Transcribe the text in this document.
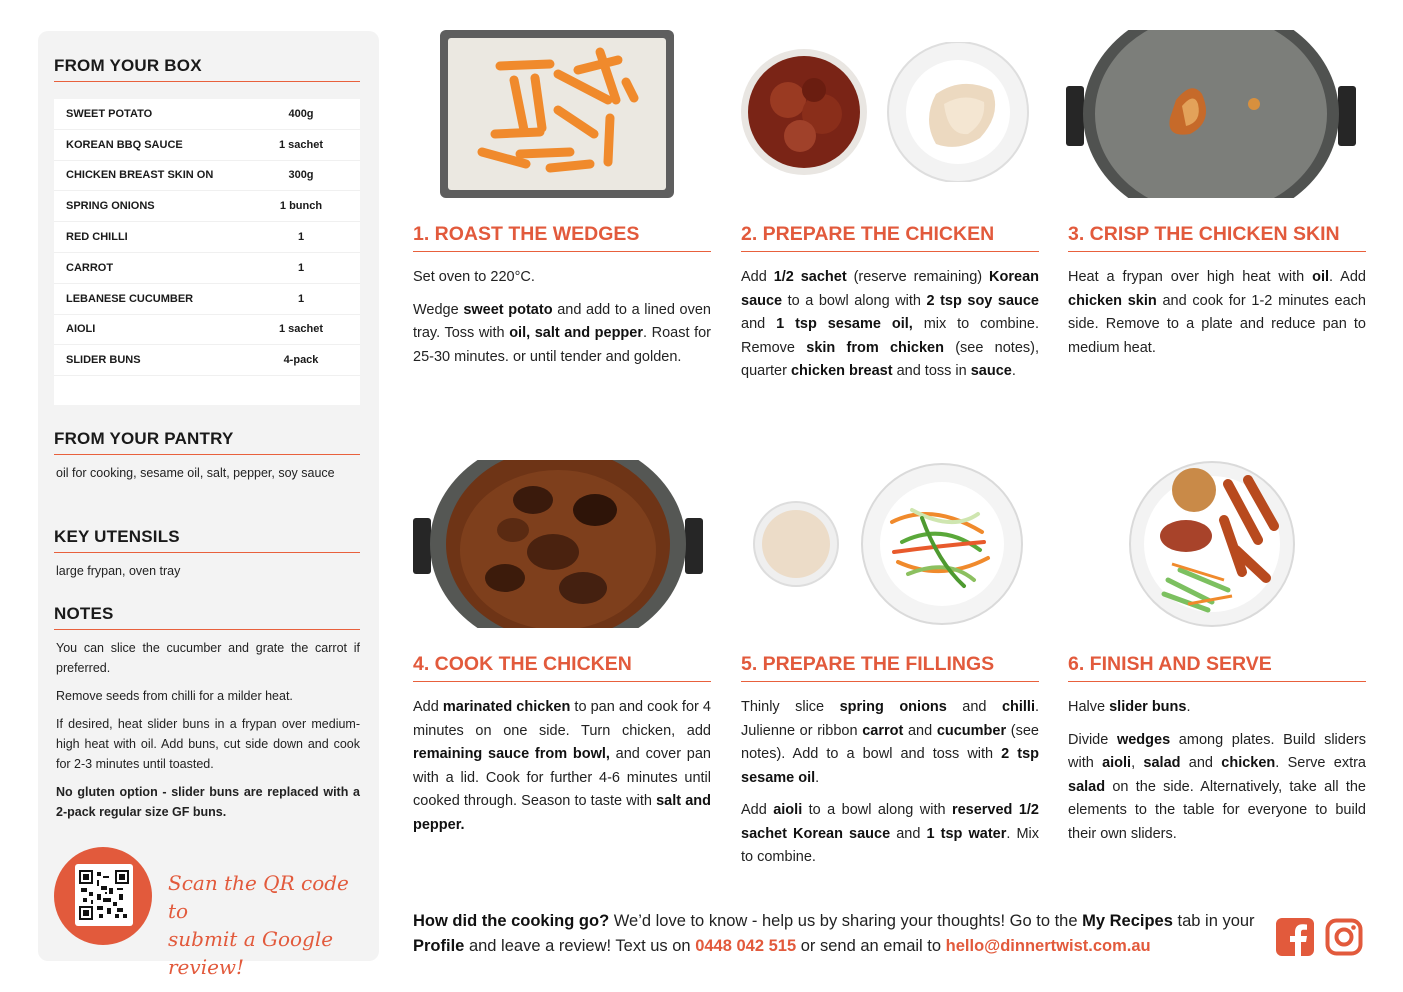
FROM YOUR BOX
SWEET POTATO	400g
KOREAN BBQ SAUCE	1 sachet
CHICKEN BREAST SKIN ON	300g
SPRING ONIONS	1 bunch
RED CHILLI	1
CARROT	1
LEBANESE CUCUMBER	1
AIOLI	1 sachet
SLIDER BUNS	4-pack
FROM YOUR PANTRY
oil for cooking, sesame oil, salt, pepper, soy sauce
KEY UTENSILS
large frypan, oven tray
NOTES
You can slice the cucumber and grate the carrot if preferred.
Remove seeds from chilli for a milder heat.
If desired, heat slider buns in a frypan over medium-high heat with oil. Add buns, cut side down and cook for 2-3 minutes until toasted.
No gluten option - slider buns are replaced with a 2-pack regular size GF buns.
Scan the QR code to
submit a Google review!
1. ROAST THE WEDGES

Set oven to 220°C.

Wedge sweet potato and add to a lined oven tray. Toss with oil, salt and pepper. Roast for 25-30 minutes. or until tender and golden.

2. PREPARE THE CHICKEN

Add 1/2 sachet (reserve remaining) Korean sauce to a bowl along with 2 tsp soy sauce and 1 tsp sesame oil, mix to combine. Remove skin from chicken (see notes), quarter chicken breast and toss in sauce.

3. CRISP THE CHICKEN SKIN

Heat a frypan over high heat with oil. Add chicken skin and cook for 1-2 minutes each side. Remove to a plate and reduce pan to medium heat.

4. COOK THE CHICKEN

Add marinated chicken to pan and cook for 4 minutes on one side. Turn chicken, add remaining sauce from bowl, and cover pan with a lid. Cook for further 4-6 minutes until cooked through. Season to taste with salt and pepper.

5. PREPARE THE FILLINGS

Thinly slice spring onions and chilli. Julienne or ribbon carrot and cucumber (see notes). Add to a bowl and toss with 2 tsp sesame oil.

Add aioli to a bowl along with reserved 1/2 sachet Korean sauce and 1 tsp water. Mix to combine.

6. FINISH AND SERVE

Halve slider buns.

Divide wedges among plates. Build sliders with aioli, salad and chicken. Serve extra salad on the side. Alternatively, take all the elements to the table for everyone to build their own sliders.

How did the cooking go? We’d love to know - help us by sharing your thoughts! Go to the My Recipes tab in your Profile and leave a review! Text us on 0448 042 515 or send an email to hello@dinnertwist.com.au
